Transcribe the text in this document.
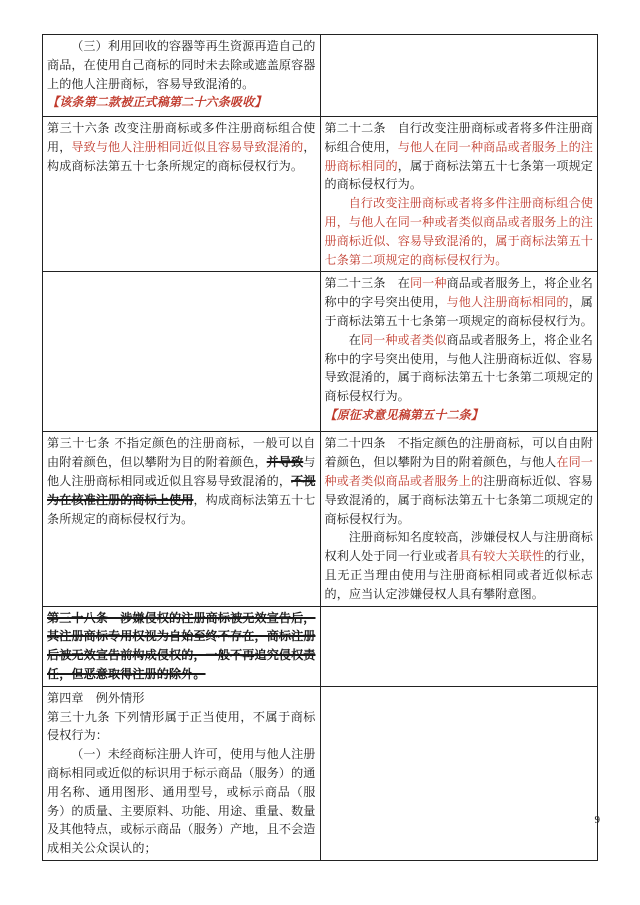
（三）利用回收的容器等再生资源再造自己的商品，在使用自己商标的同时未去除或遮盖原容器上的他人注册商标，容易导致混淆的。
【该条第二款被正式稿第二十六条吸收】	

第三十六条 改变注册商标或多件注册商标组合使用，导致与他人注册相同近似且容易导致混淆的，构成商标法第五十七条所规定的商标侵权行为。	第二十二条　自行改变注册商标或者将多件注册商标组合使用，与他人在同一种商品或者服务上的注册商标相同的，属于商标法第五十七条第一项规定的商标侵权行为。
自行改变注册商标或者将多件注册商标组合使用，与他人在同一种或者类似商品或者服务上的注册商标近似、容易导致混淆的，属于商标法第五十七条第二项规定的商标侵权行为。

	第二十三条　在同一种商品或者服务上，将企业名称中的字号突出使用，与他人注册商标相同的，属于商标法第五十七条第一项规定的商标侵权行为。
在同一种或者类似商品或者服务上，将企业名称中的字号突出使用，与他人注册商标近似、容易导致混淆的，属于商标法第五十七条第二项规定的商标侵权行为。
【原征求意见稿第五十二条】

第三十七条 不指定颜色的注册商标，一般可以自由附着颜色，但以攀附为目的附着颜色，并导致与他人注册商标相同或近似且容易导致混淆的，不视为在核准注册的商标上使用，构成商标法第五十七条所规定的商标侵权行为。	第二十四条　不指定颜色的注册商标，可以自由附着颜色，但以攀附为目的附着颜色，与他人在同一种或者类似商品或者服务上的注册商标近似、容易导致混淆的，属于商标法第五十七条第二项规定的商标侵权行为。
注册商标知名度较高，涉嫌侵权人与注册商标权利人处于同一行业或者具有较大关联性的行业，且无正当理由使用与注册商标相同或者近似标志的，应当认定涉嫌侵权人具有攀附意图。

第三十八条　涉嫌侵权的注册商标被无效宣告后，其注册商标专用权视为自始至终不存在，商标注册后被无效宣告前构成侵权的，一般不再追究侵权责任，但恶意取得注册的除外。	

第四章　例外情形
第三十九条 下列情形属于正当使用，不属于商标侵权行为：
（一）未经商标注册人许可，使用与他人注册商标相同或近似的标识用于标示商品（服务）的通用名称、通用图形、通用型号，或标示商品（服务）的质量、主要原料、功能、用途、重量、数量及其他特点，或标示商品（服务）产地，且不会造成相关公众误认的；	

9
